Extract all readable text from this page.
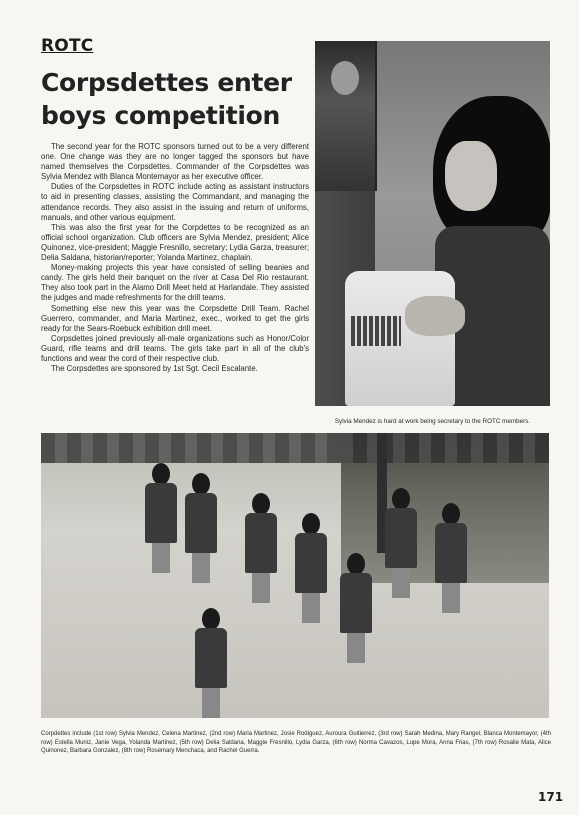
ROTC
Corpsdettes enter boys competition

The second year for the ROTC sponsors turned out to be a very different one. One change was they are no longer tagged the sponsors but have named themselves the Corpsdettes. Commander of the Corpsdettes was Sylvia Mendez with Blanca Montemayor as her executive officer.

Duties of the Corpsdettes in ROTC include acting as assistant instructors to aid in presenting classes, assisting the Commandant, and managing the attendance records. They also assist in the issuing and return of uniforms, manuals, and other various equipment.

This was also the first year for the Corpdettes to be recognized as an official school organization. Club officers are Sylvia Mendez, president; Alice Quinonez, vice-president; Maggie Fresnillo, secretary; Lydia Garza, treasurer; Delia Saldana, historian/reporter; Yolanda Martinez, chaplain.

Money-making projects this year have consisted of selling beanies and candy. The girls held their banquet on the river at Casa Del Rio restaurant. They also took part in the Alamo Drill Meet held at Harlandale. They assisted the judges and made refreshments for the drill teams.

Something else new this year was the Corpsdette Drill Team. Rachel Guerrero, commander, and Maria Martinez, exec., worked to get the girls ready for the Sears-Roebuck exhibition drill meet.

Corpsdettes joined previously all-male organizations such as Honor/Color Guard, rifle teams and drill teams. The girls take part in all of the club's functions and wear the cord of their respective club.

The Corpsdettes are sponsored by 1st Sgt. Cecil Escalante.

Sylvia Mendez is hard at work being secretary to the ROTC members.
Corpdettes include (1st row) Sylvia Mendez, Celena Martinez, (2nd row) Maria Martinez, Josie Rodiguez, Auroura Guitierrez, (3rd row) Sarah Medina, Mary Rangel, Blanca Montemayor, (4th row) Estella Muniz, Janie Vega, Yolanda Martinez, (5th row) Delia Saldana, Maggie Fresnillo, Lydia Garza, (6th row) Norma Cavazos, Lupe Mora, Anna Frias, (7th row) Rosalie Mata, Alice Quinonez, Barbara Gonzalez, (8th row) Rosemary Menchaca, and Rachel Guerra.
171
